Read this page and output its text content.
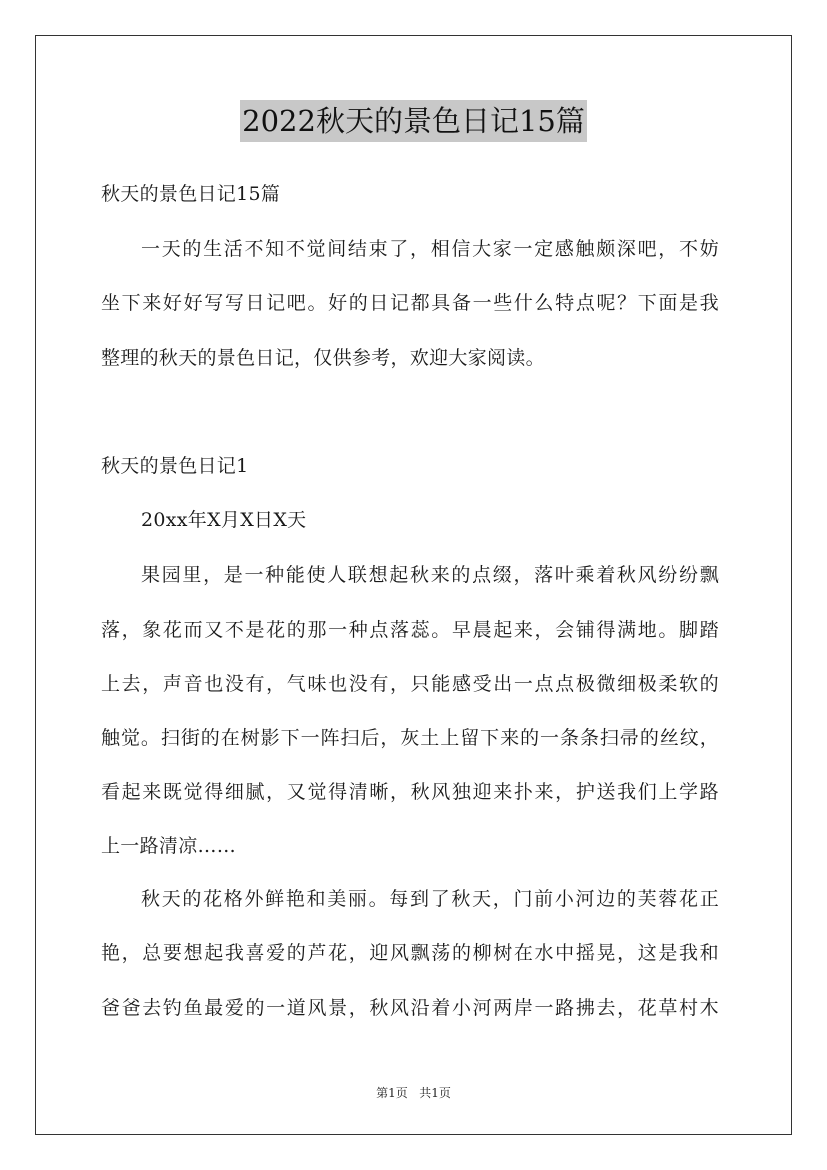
2022秋天的景色日记15篇
秋天的景色日记15篇
一天的生活不知不觉间结束了，相信大家一定感触颇深吧，不妨
坐下来好好写写日记吧。好的日记都具备一些什么特点呢？下面是我
整理的秋天的景色日记，仅供参考，欢迎大家阅读。
秋天的景色日记1
20xx年X月X日X天
果园里，是一种能使人联想起秋来的点缀，落叶乘着秋风纷纷飘
落，象花而又不是花的那一种点落蕊。早晨起来，会铺得满地。脚踏
上去，声音也没有，气味也没有，只能感受出一点点极微细极柔软的
触觉。扫街的在树影下一阵扫后，灰土上留下来的一条条扫帚的丝纹，
看起来既觉得细腻，又觉得清晰，秋风独迎来扑来，护送我们上学路
上一路清凉……
秋天的花格外鲜艳和美丽。每到了秋天，门前小河边的芙蓉花正
艳，总要想起我喜爱的芦花，迎风飘荡的柳树在水中摇晃，这是我和
爸爸去钓鱼最爱的一道风景，秋风沿着小河两岸一路拂去，花草村木
第1页 共1页
